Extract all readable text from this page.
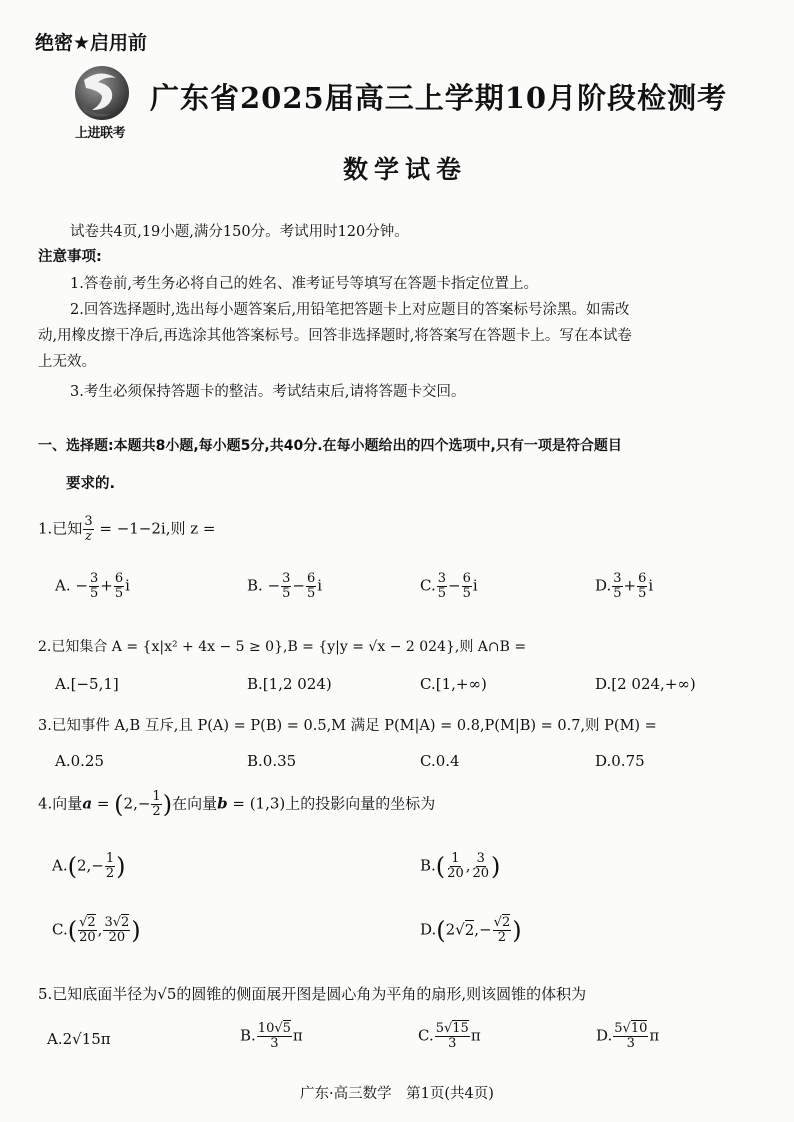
绝密★启用前
上进联考
广东省2025届高三上学期10月阶段检测考
数学试卷
试卷共4页,19小题,满分150分。考试用时120分钟。
注意事项:
1.答卷前,考生务必将自己的姓名、准考证号等填写在答题卡指定位置上。
2.回答选择题时,选出每小题答案后,用铅笔把答题卡上对应题目的答案标号涂黑。如需改
动,用橡皮擦干净后,再选涂其他答案标号。回答非选择题时,将答案写在答题卡上。写在本试卷
上无效。
3.考生必须保持答题卡的整洁。考试结束后,请将答题卡交回。
一、选择题:本题共8小题,每小题5分,共40分.在每小题给出的四个选项中,只有一项是符合题目
要求的.
1.已知 $\frac{3}{z} = -1-2i$,则 z =
A. − $\frac{3}{5} + \frac{6}{5}$ i	B. − $\frac{3}{5} - \frac{6}{5}$ i	C. $\frac{3}{5} - \frac{6}{5}$ i	D. $\frac{3}{5} + \frac{6}{5}$ i
2.已知集合 A = {x|x² + 4x − 5 ≥ 0},B = {y|y = √x − 2 024},则 A∩B =
A.[−5,1]	B.[1,2 024)	C.[1,+∞)	D.[2 024,+∞)
3.已知事件 A,B 互斥,且 P(A) = P(B) = 0.5,M 满足 P(M|A) = 0.8,P(M|B) = 0.7,则 P(M) =
A.0.25	B.0.35	C.0.4	D.0.75
4.向量$a = (2,- \frac{1}{2}$ )在向量b = (1,3)上的投影向量的坐标为
$A.(2,- \frac{1}{2}$ )	$B.( \frac{1}{20}$ , $\frac{3}{20}$ )
$C.( \frac{√2}{20}$ , $\frac{3√2}{20}$ )	$D.(2√2,- \frac{√2}{2}$ )
5.已知底面半径为√5的圆锥的侧面展开图是圆心角为平角的扇形,则该圆锥的体积为
A.2√15π	B. $\frac{10√5}{3}$ π	C. $\frac{5√15}{3}$ π	D. $\frac{5√10}{3}$ π
广东·高三数学　第1页(共4页)
